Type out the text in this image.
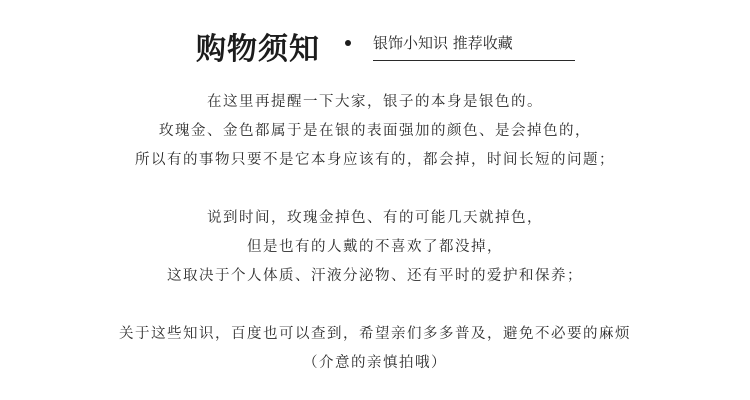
购物须知	银饰小知识 推荐收藏
在这里再提醒一下大家，银子的本身是银色的。
玫瑰金、金色都属于是在银的表面强加的颜色、是会掉色的，
所以有的事物只要不是它本身应该有的，都会掉，时间长短的问题；
说到时间，玫瑰金掉色、有的可能几天就掉色，
但是也有的人戴的不喜欢了都没掉，
这取决于个人体质、汗液分泌物、还有平时的爱护和保养；
关于这些知识，百度也可以查到，希望亲们多多普及，避免不必要的麻烦
（介意的亲慎拍哦）
